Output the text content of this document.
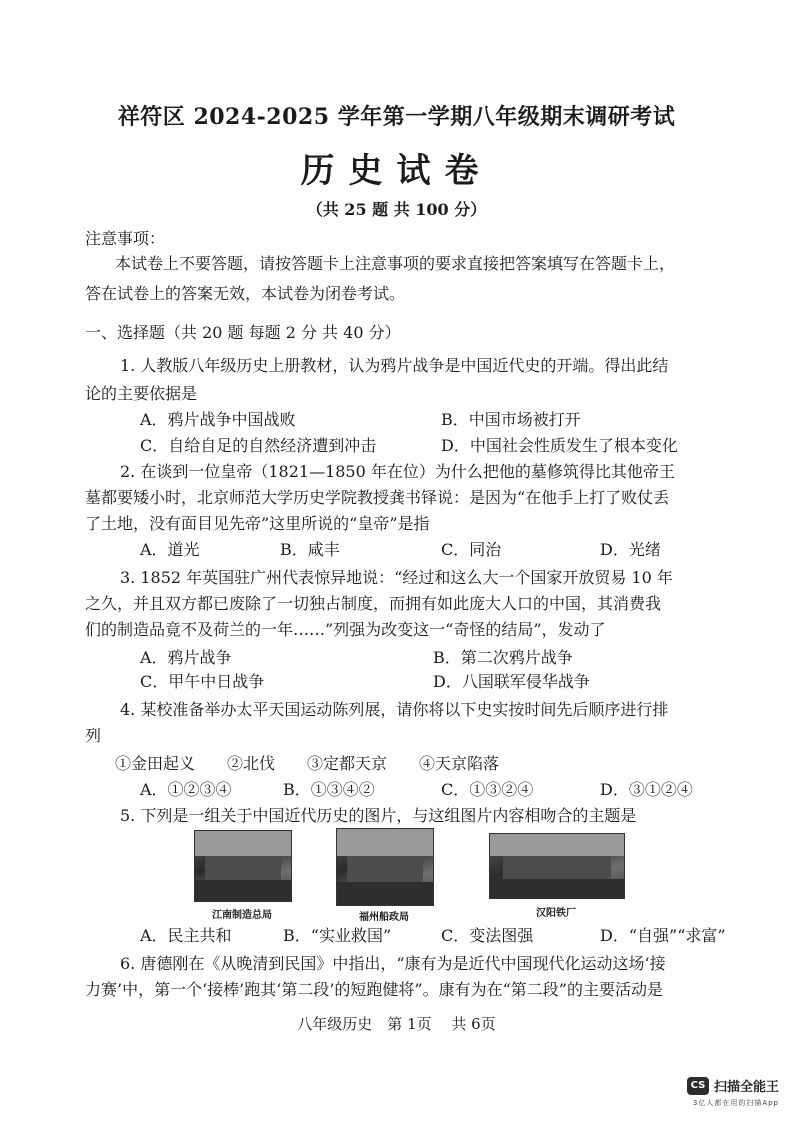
祥符区 2024-2025 学年第一学期八年级期末调研考试
历史试卷
（共 25 题 共 100 分）
注意事项：
本试卷上不要答题，请按答题卡上注意事项的要求直接把答案填写在答题卡上，
答在试卷上的答案无效，本试卷为闭卷考试。
一、选择题（共 20 题 每题 2 分 共 40 分）
1. 人教版八年级历史上册教材，认为鸦片战争是中国近代史的开端。得出此结
论的主要依据是
A．鸦片战争中国战败	B．中国市场被打开
C．自给自足的自然经济遭到冲击	D．中国社会性质发生了根本变化
2. 在谈到一位皇帝（1821—1850 年在位）为什么把他的墓修筑得比其他帝王
墓都要矮小时，北京师范大学历史学院教授龚书铎说：是因为“在他手上打了败仗丢
了土地，没有面目见先帝”这里所说的“皇帝”是指
A．道光	B．咸丰	C．同治	D．光绪
3. 1852 年英国驻广州代表惊异地说：“经过和这么大一个国家开放贸易 10 年
之久，并且双方都已废除了一切独占制度，而拥有如此庞大人口的中国，其消费我
们的制造品竟不及荷兰的一年……”列强为改变这一“奇怪的结局”，发动了
A．鸦片战争	B．第二次鸦片战争
C．甲午中日战争	D．八国联军侵华战争
4. 某校准备举办太平天国运动陈列展，请你将以下史实按时间先后顺序进行排
列
①金田起义　　②北伐　　③定都天京　　④天京陷落
A．①②③④	B．①③④②	C．①③②④	D．③①②④
5. 下列是一组关于中国近代历史的图片，与这组图片内容相吻合的主题是
江南制造总局	福州船政局	汉阳铁厂
A．民主共和	B．“实业救国”	C．变法图强	D．“自强”“求富”
6. 唐德刚在《从晚清到民国》中指出，“康有为是近代中国现代化运动这场‘接
力赛’中，第一个‘接棒’跑其‘第二段’的短跑健将”。康有为在“第二段”的主要活动是
八年级历史　第 1页　 共 6页
CS 扫描全能王
3亿人都在用的扫描App
